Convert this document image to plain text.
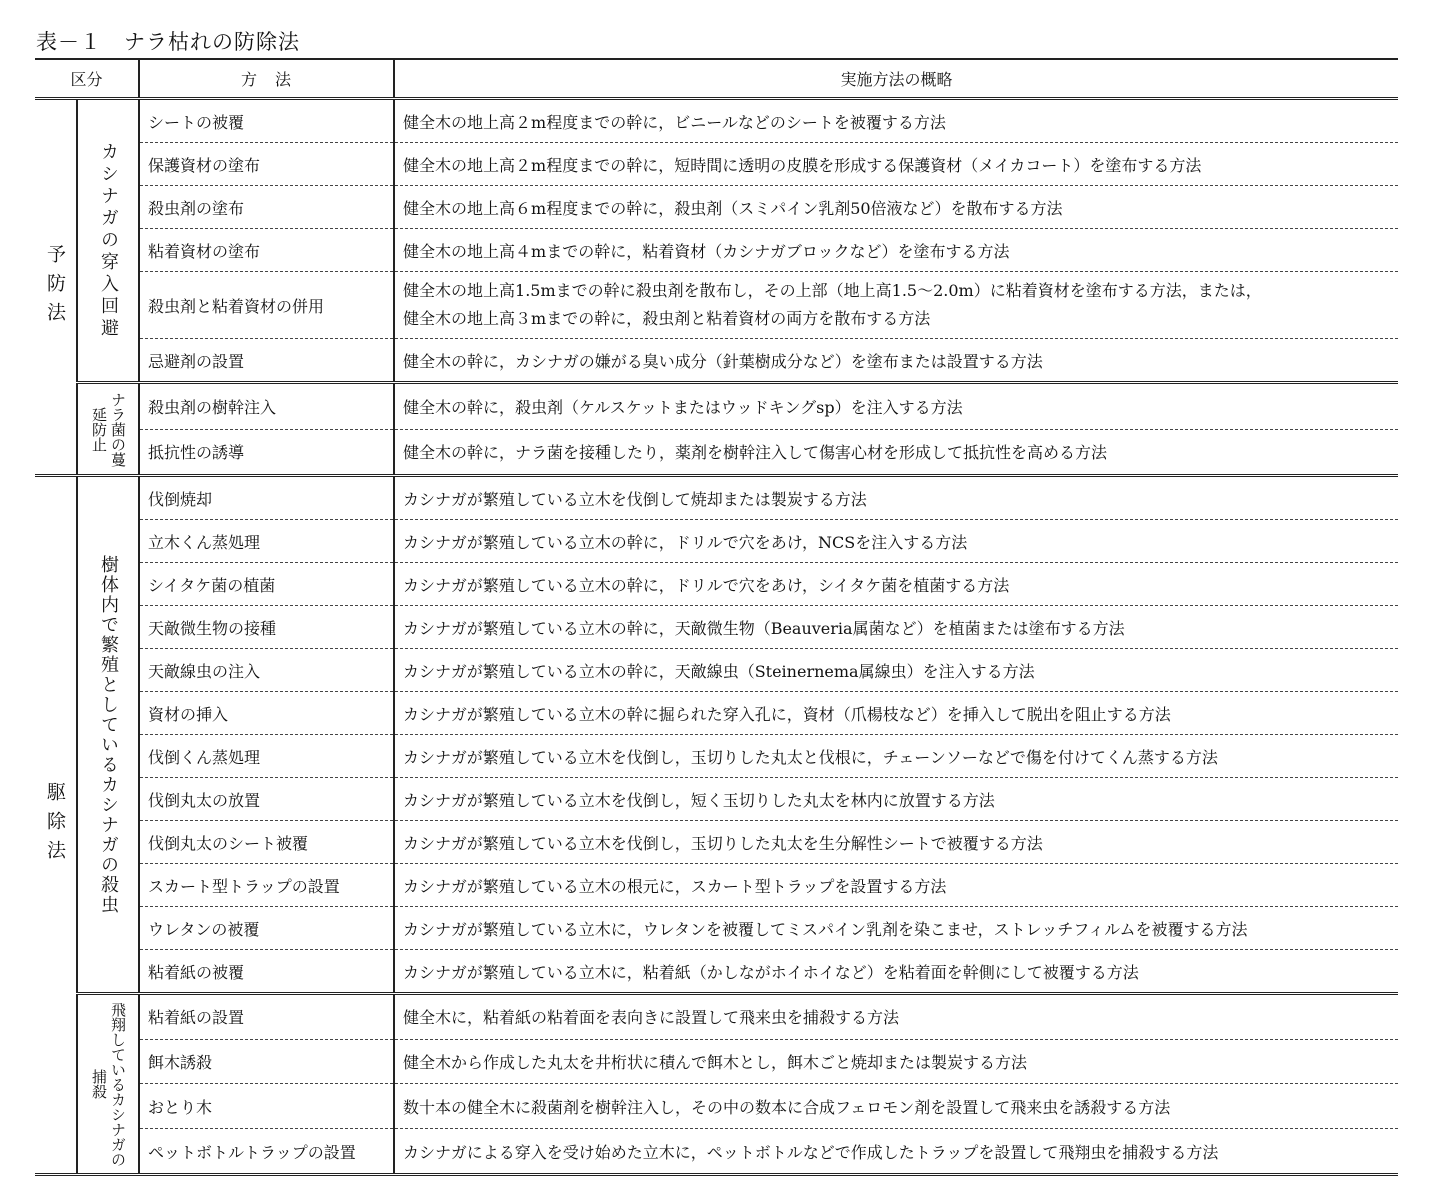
表－１　ナラ枯れの防除法
区分		方　法	実施方法の概略

予防法	カシナガの穿入回避	シートの被覆	健全木の地上高２m程度までの幹に，ビニールなどのシートを被覆する方法
		保護資材の塗布	健全木の地上高２m程度までの幹に，短時間に透明の皮膜を形成する保護資材（メイカコート）を塗布する方法
		殺虫剤の塗布	健全木の地上高６m程度までの幹に，殺虫剤（スミパイン乳剤50倍液など）を散布する方法
		粘着資材の塗布	健全木の地上高４mまでの幹に，粘着資材（カシナガブロックなど）を塗布する方法
		殺虫剤と粘着資材の併用	健全木の地上高1.5mまでの幹に殺虫剤を散布し，その上部（地上高1.5～2.0m）に粘着資材を塗布する方法，または，
健全木の地上高３mまでの幹に，殺虫剤と粘着資材の両方を散布する方法

		忌避剤の設置	健全木の幹に，カシナガの嫌がる臭い成分（針葉樹成分など）を塗布または設置する方法

	ナラ菌の蔓延防止	殺虫剤の樹幹注入	健全木の幹に，殺虫剤（ケルスケットまたはウッドキングsp）を注入する方法
		抵抗性の誘導	健全木の幹に，ナラ菌を接種したり，薬剤を樹幹注入して傷害心材を形成して抵抗性を高める方法

駆除法	樹体内で繁殖としているカシナガの殺虫	伐倒焼却	カシナガが繁殖している立木を伐倒して焼却または製炭する方法
		立木くん蒸処理	カシナガが繁殖している立木の幹に，ドリルで穴をあけ，NCSを注入する方法
		シイタケ菌の植菌	カシナガが繁殖している立木の幹に，ドリルで穴をあけ，シイタケ菌を植菌する方法
		天敵微生物の接種	カシナガが繁殖している立木の幹に，天敵微生物（Beauveria属菌など）を植菌または塗布する方法
		天敵線虫の注入	カシナガが繁殖している立木の幹に，天敵線虫（Steinernema属線虫）を注入する方法
		資材の挿入	カシナガが繁殖している立木の幹に掘られた穿入孔に，資材（爪楊枝など）を挿入して脱出を阻止する方法
		伐倒くん蒸処理	カシナガが繁殖している立木を伐倒し，玉切りした丸太と伐根に，チェーンソーなどで傷を付けてくん蒸する方法
		伐倒丸太の放置	カシナガが繁殖している立木を伐倒し，短く玉切りした丸太を林内に放置する方法
		伐倒丸太のシート被覆	カシナガが繁殖している立木を伐倒し，玉切りした丸太を生分解性シートで被覆する方法
		スカート型トラップの設置	カシナガが繁殖している立木の根元に，スカート型トラップを設置する方法
		ウレタンの被覆	カシナガが繁殖している立木に，ウレタンを被覆してミスパイン乳剤を染こませ，ストレッチフィルムを被覆する方法
		粘着紙の被覆	カシナガが繁殖している立木に，粘着紙（かしながホイホイなど）を粘着面を幹側にして被覆する方法

	飛翔しているカシナガの捕殺	粘着紙の設置	健全木に，粘着紙の粘着面を表向きに設置して飛来虫を捕殺する方法
		餌木誘殺	健全木から作成した丸太を井桁状に積んで餌木とし，餌木ごと焼却または製炭する方法
		おとり木	数十本の健全木に殺菌剤を樹幹注入し，その中の数本に合成フェロモン剤を設置して飛来虫を誘殺する方法
		ペットボトルトラップの設置	カシナガによる穿入を受け始めた立木に，ペットボトルなどで作成したトラップを設置して飛翔虫を捕殺する方法
